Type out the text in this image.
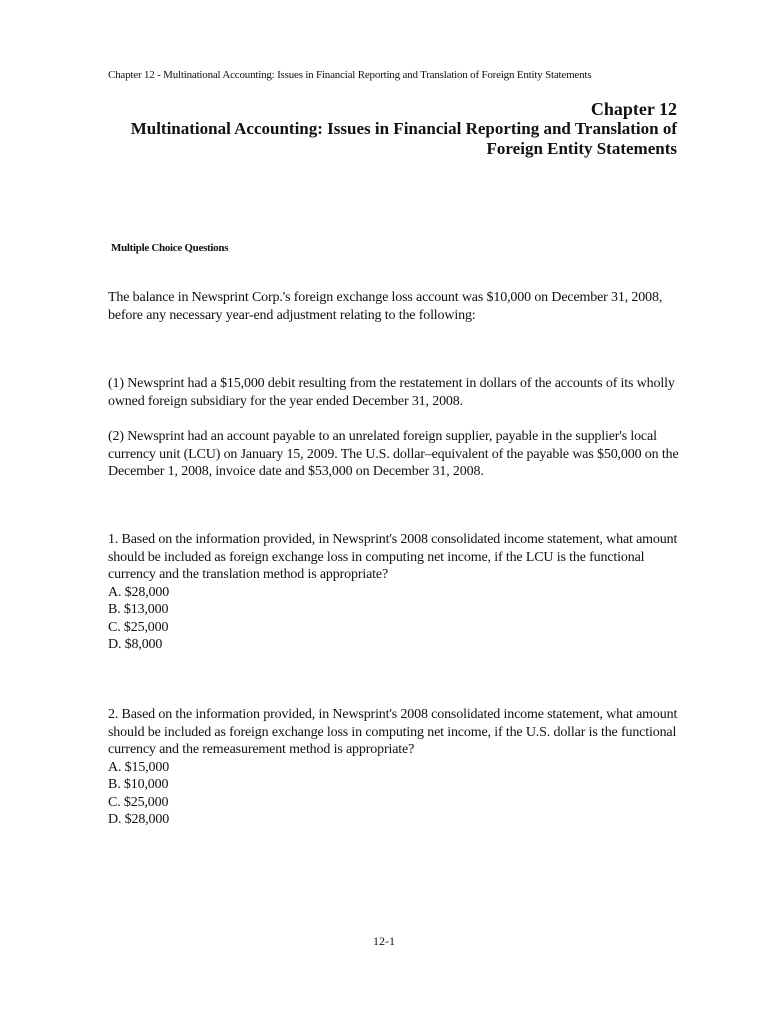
Chapter 12 - Multinational Accounting: Issues in Financial Reporting and Translation of Foreign Entity Statements
Chapter 12
Multinational Accounting: Issues in Financial Reporting and Translation of Foreign Entity Statements
Multiple Choice Questions
The balance in Newsprint Corp.'s foreign exchange loss account was $10,000 on December 31, 2008, before any necessary year-end adjustment relating to the following:
(1) Newsprint had a $15,000 debit resulting from the restatement in dollars of the accounts of its wholly owned foreign subsidiary for the year ended December 31, 2008.
(2) Newsprint had an account payable to an unrelated foreign supplier, payable in the supplier's local currency unit (LCU) on January 15, 2009. The U.S. dollar–equivalent of the payable was $50,000 on the December 1, 2008, invoice date and $53,000 on December 31, 2008.
1. Based on the information provided, in Newsprint's 2008 consolidated income statement, what amount should be included as foreign exchange loss in computing net income, if the LCU is the functional currency and the translation method is appropriate?
A. $28,000
B. $13,000
C. $25,000
D. $8,000
2. Based on the information provided, in Newsprint's 2008 consolidated income statement, what amount should be included as foreign exchange loss in computing net income, if the U.S. dollar is the functional currency and the remeasurement method is appropriate?
A. $15,000
B. $10,000
C. $25,000
D. $28,000
12-1
